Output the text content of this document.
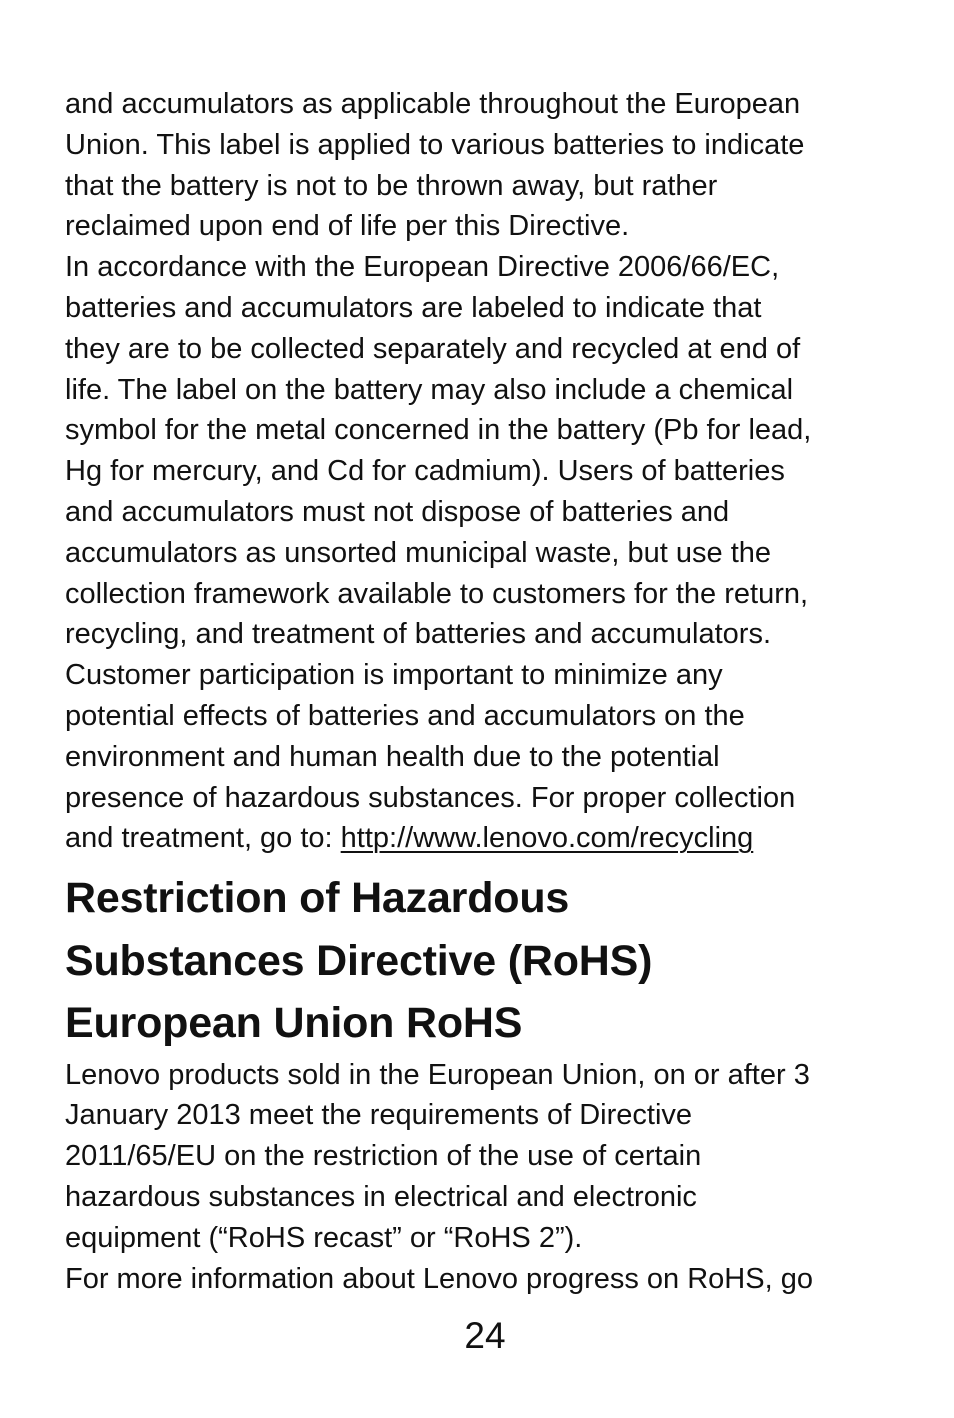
and accumulators as applicable throughout the European
Union. This label is applied to various batteries to indicate
that the battery is not to be thrown away, but rather
reclaimed upon end of life per this Directive.

In accordance with the European Directive 2006/66/EC,
batteries and accumulators are labeled to indicate that
they are to be collected separately and recycled at end of
life. The label on the battery may also include a chemical
symbol for the metal concerned in the battery (Pb for lead,
Hg for mercury, and Cd for cadmium). Users of batteries
and accumulators must not dispose of batteries and
accumulators as unsorted municipal waste, but use the
collection framework available to customers for the return,
recycling, and treatment of batteries and accumulators.
Customer participation is important to minimize any
potential effects of batteries and accumulators on the
environment and human health due to the potential
presence of hazardous substances. For proper collection
and treatment, go to: http://www.lenovo.com/recycling

Restriction of Hazardous
Substances Directive (RoHS)
European Union RoHS

Lenovo products sold in the European Union, on or after 3
January 2013 meet the requirements of Directive
2011/65/EU on the restriction of the use of certain
hazardous substances in electrical and electronic
equipment (“RoHS recast” or “RoHS 2”).

For more information about Lenovo progress on RoHS, go

24
